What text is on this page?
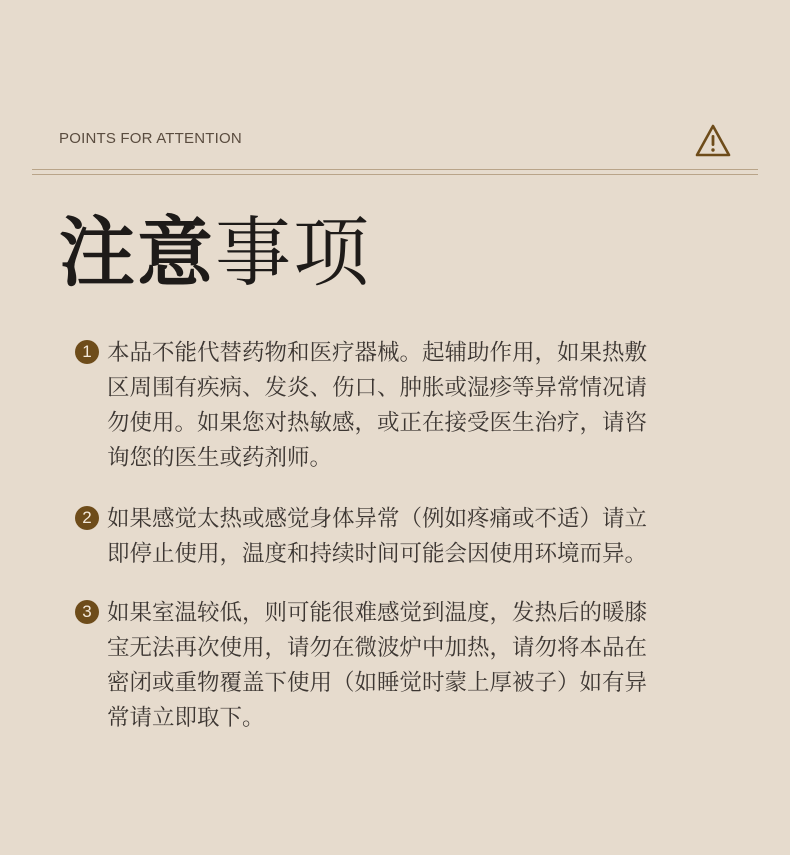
POINTS FOR ATTENTION
注意事项
1 本品不能代替药物和医疗器械。起辅助作用，如果热敷
区周围有疾病、发炎、伤口、肿胀或湿疹等异常情况请
勿使用。如果您对热敏感，或正在接受医生治疗，请咨
询您的医生或药剂师。
2 如果感觉太热或感觉身体异常（例如疼痛或不适）请立
即停止使用，温度和持续时间可能会因使用环境而异。
3 如果室温较低，则可能很难感觉到温度，发热后的暖膝
宝无法再次使用，请勿在微波炉中加热，请勿将本品在
密闭或重物覆盖下使用（如睡觉时蒙上厚被子）如有异
常请立即取下。
